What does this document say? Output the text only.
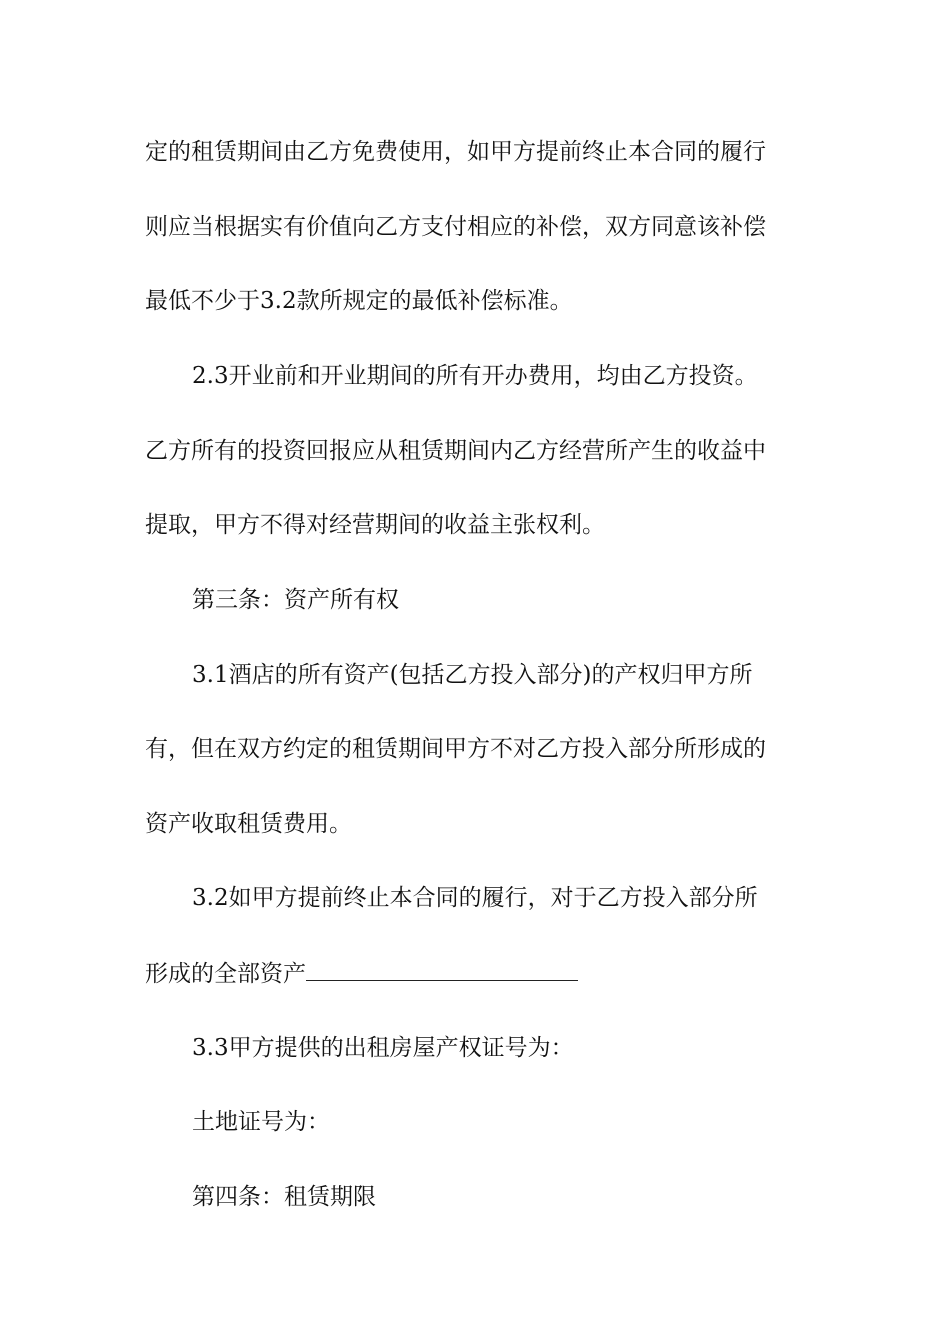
定的租赁期间由乙方免费使用，如甲方提前终止本合同的履行

则应当根据实有价值向乙方支付相应的补偿，双方同意该补偿

最低不少于3.2款所规定的最低补偿标准。

2.3开业前和开业期间的所有开办费用，均由乙方投资。

乙方所有的投资回报应从租赁期间内乙方经营所产生的收益中

提取，甲方不得对经营期间的收益主张权利。

第三条：资产所有权

3.1酒店的所有资产(包括乙方投入部分)的产权归甲方所

有，但在双方约定的租赁期间甲方不对乙方投入部分所形成的

资产收取租赁费用。

3.2如甲方提前终止本合同的履行，对于乙方投入部分所

形成的全部资产

3.3甲方提供的出租房屋产权证号为：

土地证号为：

第四条：租赁期限
